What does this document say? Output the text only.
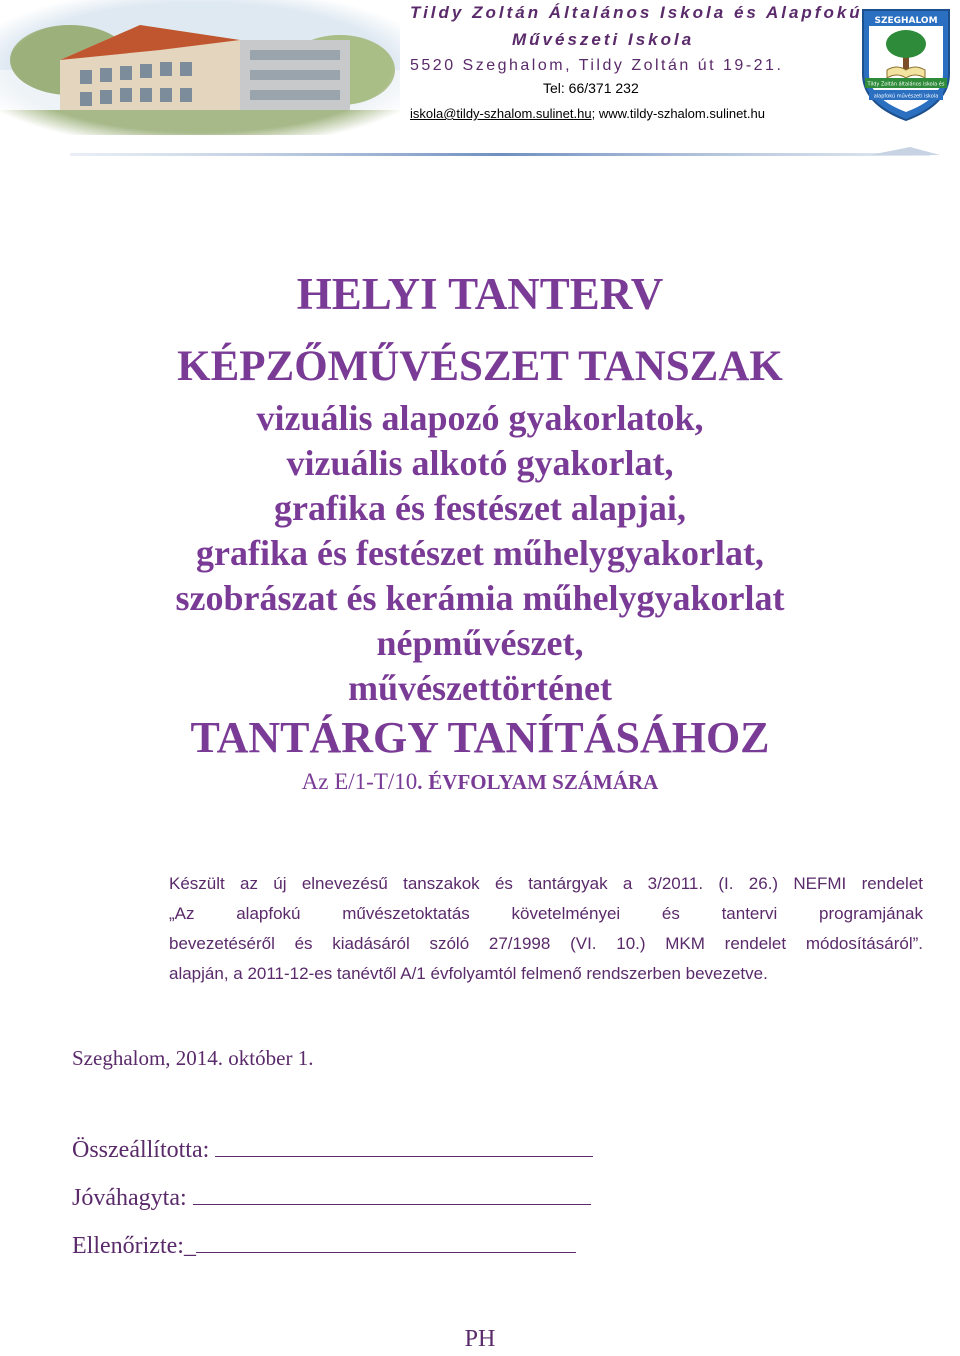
Tildy Zoltán Általános Iskola és Alapfokú
Művészeti Iskola
5520 Szeghalom, Tildy Zoltán út 19-21.
Tel: 66/371 232
iskola@tildy-szhalom.sulinet.hu; www.tildy-szhalom.sulinet.hu
SZEGHALOM
Tildy Zoltán általános iskola és
alapfokú művészeti iskola
HELYI TANTERV
KÉPZŐMŰVÉSZET TANSZAK
vizuális alapozó gyakorlatok,
vizuális alkotó gyakorlat,
grafika és festészet alapjai,
grafika és festészet műhelygyakorlat,
szobrászat és kerámia műhelygyakorlat
népművészet,
művészettörténet
TANTÁRGY TANÍTÁSÁHOZ
Az E/1-T/10. ÉVFOLYAM SZÁMÁRA
Készült az új elnevezésű tanszakok és tantárgyak a 3/2011. (I. 26.) NEFMI rendelet
„Az alapfokú művészetoktatás követelményei és tantervi programjának
bevezetéséről és kiadásáról szóló 27/1998 (VI. 10.) MKM rendelet módosításáról”.
alapján, a 2011-12-es tanévtől A/1 évfolyamtól felmenő rendszerben bevezetve.
Szeghalom, 2014. október 1.
Összeállította:
Jóváhagyta:
Ellenőrizte:_
PH
